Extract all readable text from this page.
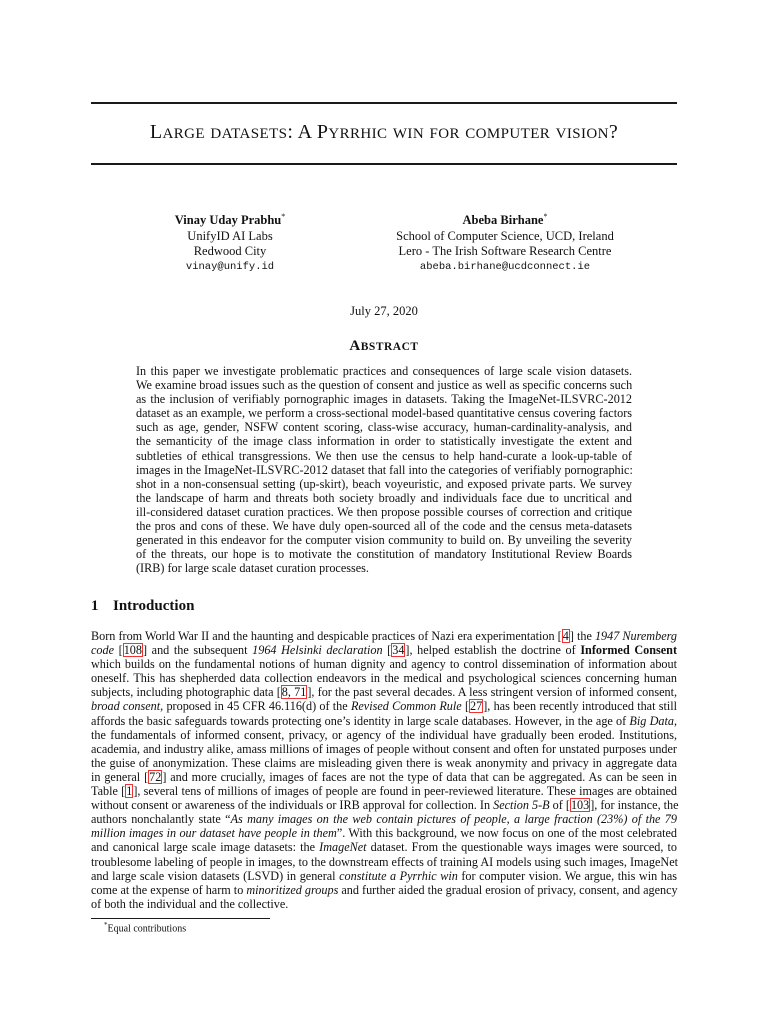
LARGE DATASETS: A PYRRHIC WIN FOR COMPUTER VISION?
Vinay Uday Prabhu*
UnifyID AI Labs
Redwood City
vinay@unify.id
Abeba Birhane*
School of Computer Science, UCD, Ireland
Lero - The Irish Software Research Centre
abeba.birhane@ucdconnect.ie
July 27, 2020
ABSTRACT
In this paper we investigate problematic practices and consequences of large scale vision datasets.
We examine broad issues such as the question of consent and justice as well as specific concerns such
as the inclusion of verifiably pornographic images in datasets. Taking the ImageNet-ILSVRC-2012
dataset as an example, we perform a cross-sectional model-based quantitative census covering factors
such as age, gender, NSFW content scoring, class-wise accuracy, human-cardinality-analysis, and
the semanticity of the image class information in order to statistically investigate the extent and
subtleties of ethical transgressions. We then use the census to help hand-curate a look-up-table of
images in the ImageNet-ILSVRC-2012 dataset that fall into the categories of verifiably pornographic:
shot in a non-consensual setting (up-skirt), beach voyeuristic, and exposed private parts. We survey
the landscape of harm and threats both society broadly and individuals face due to uncritical and
ill-considered dataset curation practices. We then propose possible courses of correction and critique
the pros and cons of these. We have duly open-sourced all of the code and the census meta-datasets
generated in this endeavor for the computer vision community to build on. By unveiling the severity
of the threats, our hope is to motivate the constitution of mandatory Institutional Review Boards
(IRB) for large scale dataset curation processes.
1 Introduction
Born from World War II and the haunting and despicable practices of Nazi era experimentation [4] the 1947 Nuremberg
code [108] and the subsequent 1964 Helsinki declaration [34], helped establish the doctrine of Informed Consent
which builds on the fundamental notions of human dignity and agency to control dissemination of information about
oneself. This has shepherded data collection endeavors in the medical and psychological sciences concerning human
subjects, including photographic data [8, 71], for the past several decades. A less stringent version of informed consent,
broad consent, proposed in 45 CFR 46.116(d) of the Revised Common Rule [27], has been recently introduced that still
affords the basic safeguards towards protecting one’s identity in large scale databases. However, in the age of Big Data,
the fundamentals of informed consent, privacy, or agency of the individual have gradually been eroded. Institutions,
academia, and industry alike, amass millions of images of people without consent and often for unstated purposes under
the guise of anonymization. These claims are misleading given there is weak anonymity and privacy in aggregate data
in general [72] and more crucially, images of faces are not the type of data that can be aggregated. As can be seen in
Table [1], several tens of millions of images of people are found in peer-reviewed literature. These images are obtained
without consent or awareness of the individuals or IRB approval for collection. In Section 5-B of [103], for instance, the
authors nonchalantly state “As many images on the web contain pictures of people, a large fraction (23%) of the 79
million images in our dataset have people in them”. With this background, we now focus on one of the most celebrated
and canonical large scale image datasets: the ImageNet dataset. From the questionable ways images were sourced, to
troublesome labeling of people in images, to the downstream effects of training AI models using such images, ImageNet
and large scale vision datasets (LSVD) in general constitute a Pyrrhic win for computer vision. We argue, this win has
come at the expense of harm to minoritized groups and further aided the gradual erosion of privacy, consent, and agency
of both the individual and the collective.
*Equal contributions
